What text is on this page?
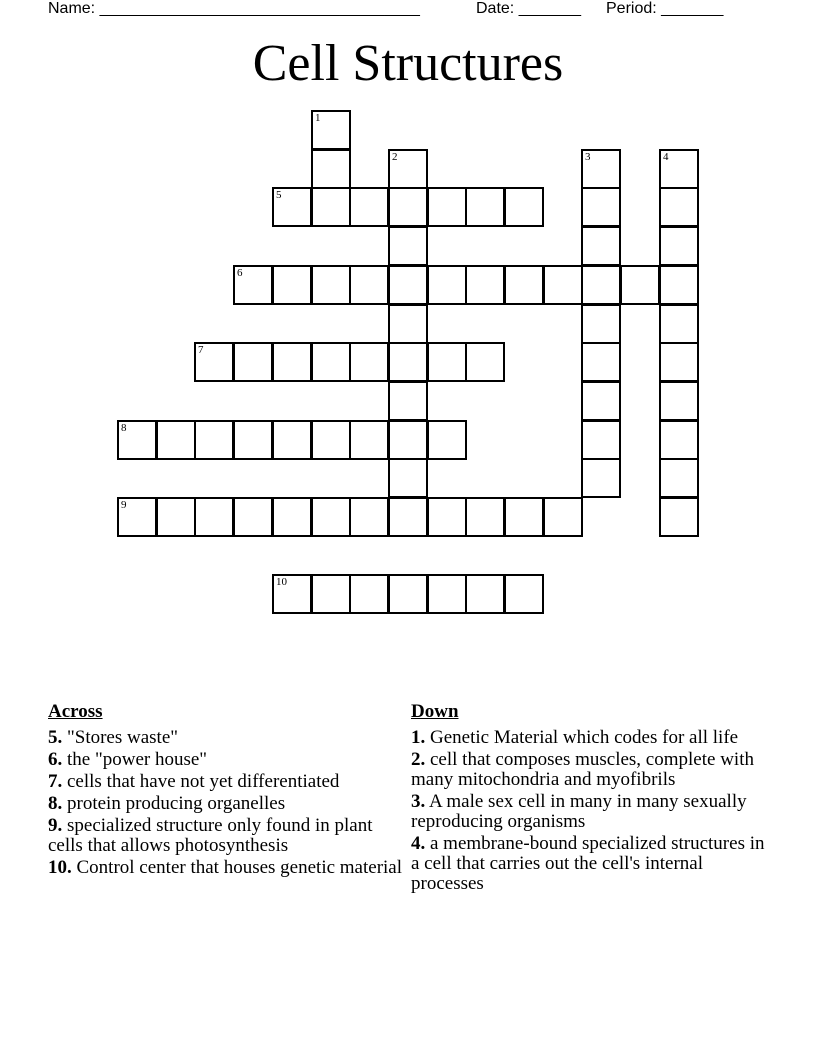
Name: ____________________________________	Date: _______ Period: _______
Cell Structures
1
2	3	4
5
6
7
8
9
10
Across
5. "Stores waste"
6. the "power house"
7. cells that have not yet differentiated
8. protein producing organelles
9. specialized structure only found in plant cells that allows photosynthesis
10. Control center that houses genetic material
Down
1. Genetic Material which codes for all life
2. cell that composes muscles, complete with many mitochondria and myofibrils
3. A male sex cell in many in many sexually reproducing organisms
4. a membrane-bound specialized structures in a cell that carries out the cell's internal processes
